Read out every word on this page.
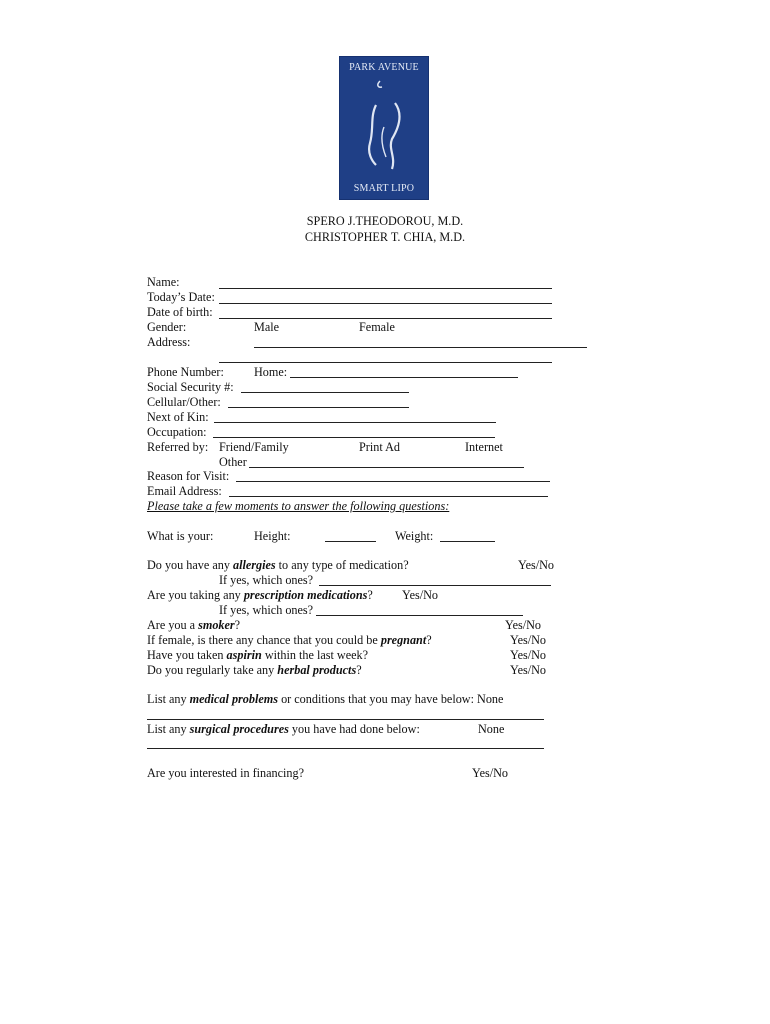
PARK AVENUE
SMART LIPO
SPERO J.THEODOROU, M.D.
CHRISTOPHER T. CHIA, M.D.
Name:
Today’s Date:
Date of birth:
Gender:	Male	Female
Address:
Phone Number: Home:
Social Security #:
Cellular/Other:
Next of Kin:
Occupation:
Referred by: Friend/Family	Print Ad	Internet
Other
Reason for Visit:
Email Address:
Please take a few moments to answer the following questions:
What is your:	Height:	Weight:
Do you have any allergies to any type of medication?	Yes/No
If yes, which ones?
Are you taking any prescription medications? Yes/No
If yes, which ones?
Are you a smoker?	Yes/No
If female, is there any chance that you could be pregnant?	Yes/No
Have you taken aspirin within the last week?	Yes/No
Do you regularly take any herbal products?	Yes/No
List any medical problems or conditions that you may have below: None
List any surgical procedures you have had done below:	None
Are you interested in financing?	Yes/No
